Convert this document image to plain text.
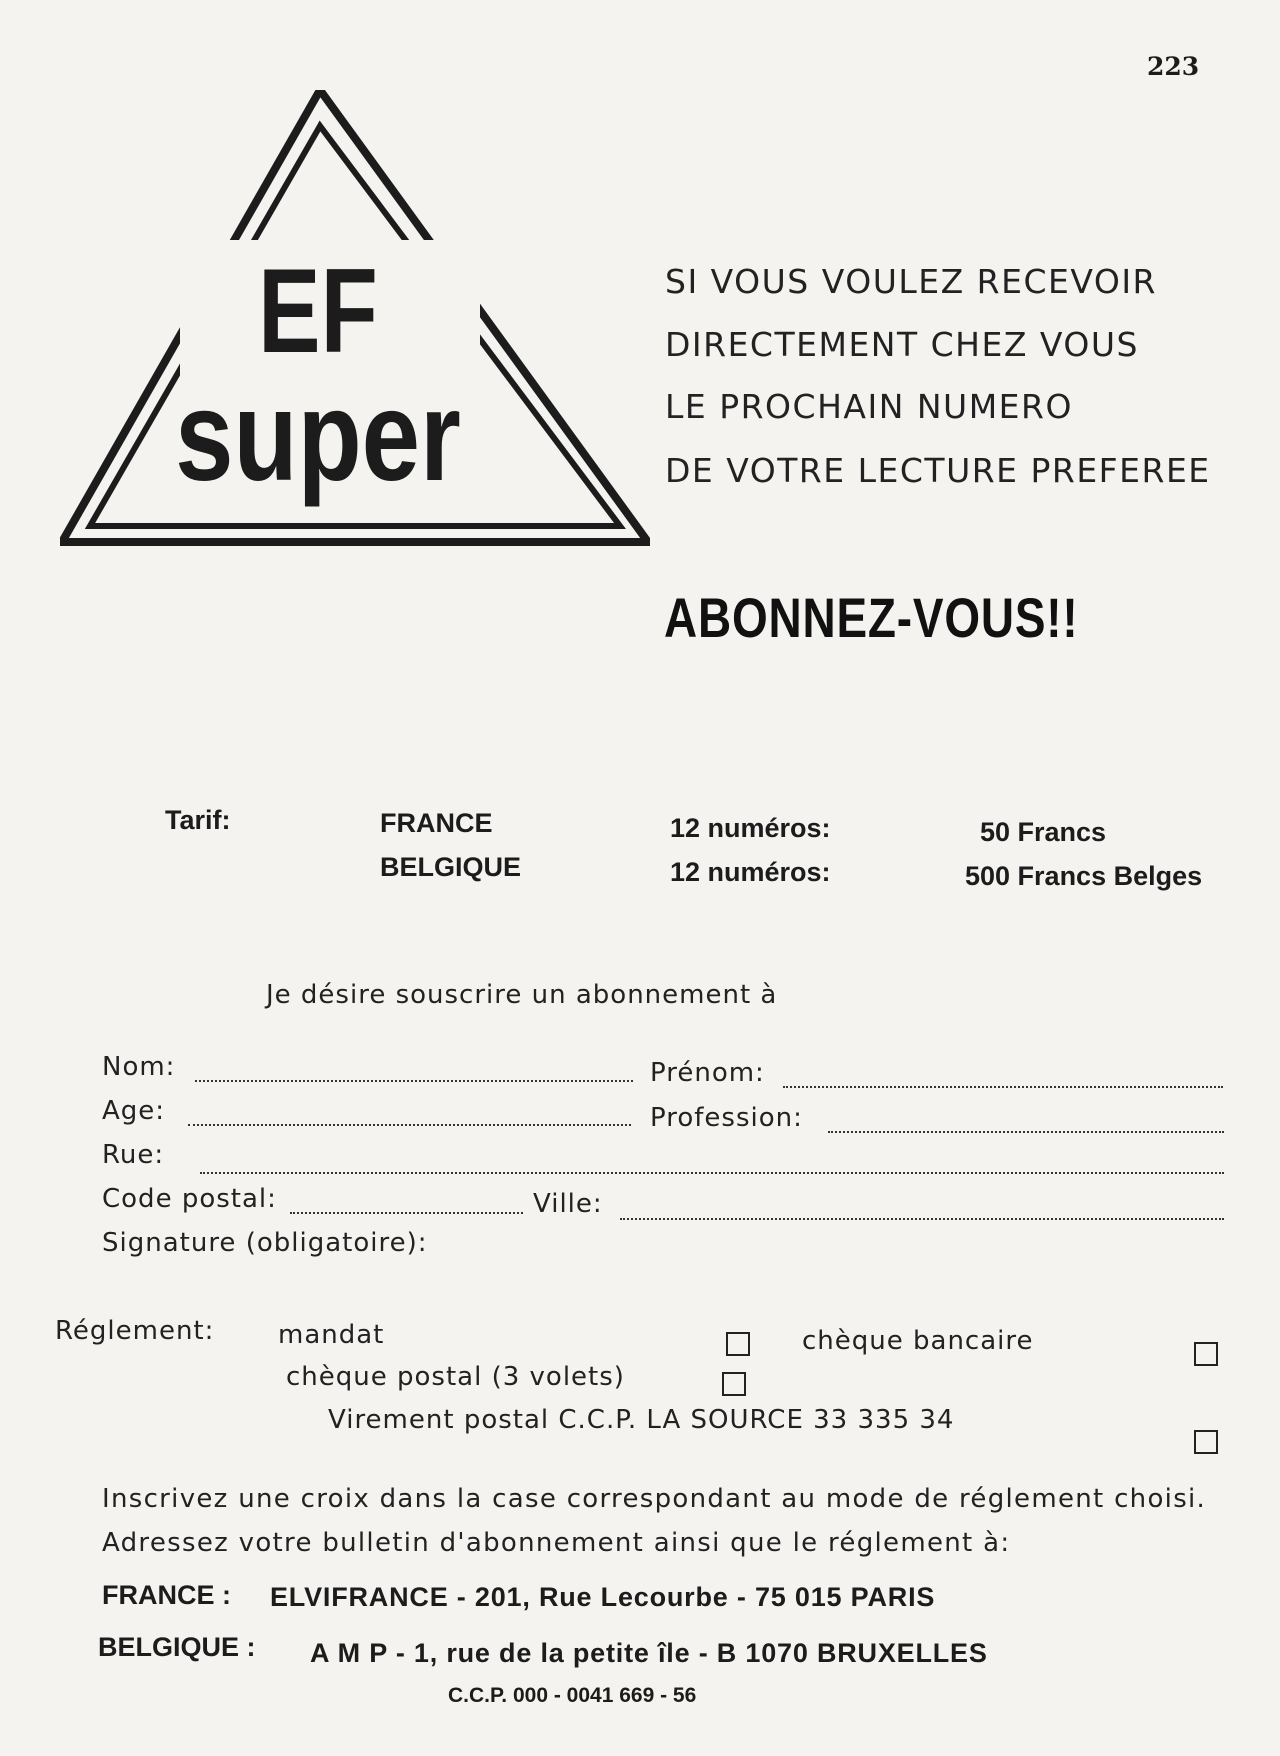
223
EF
super
SI VOUS VOULEZ RECEVOIR
DIRECTEMENT CHEZ VOUS
LE PROCHAIN NUMERO
DE VOTRE LECTURE PREFEREE
ABONNEZ-VOUS!!
Tarif:	FRANCE	12 numéros:	50 Francs
BELGIQUE	12 numéros:	500 Francs Belges
Je désire souscrire un abonnement à
Nom:	Prénom:
Age:	Profession:
Rue:
Code postal:	Ville:
Signature (obligatoire):
Réglement: mandat	chèque bancaire
chèque postal (3 volets)
Virement postal C.C.P. LA SOURCE 33 335 34
Inscrivez une croix dans la case correspondant au mode de réglement choisi.
Adressez votre bulletin d'abonnement ainsi que le réglement à:
FRANCE : ELVIFRANCE - 201, Rue Lecourbe - 75 015 PARIS
BELGIQUE : A M P - 1, rue de la petite île - B 1070 BRUXELLES
C.C.P. 000 - 0041 669 - 56
